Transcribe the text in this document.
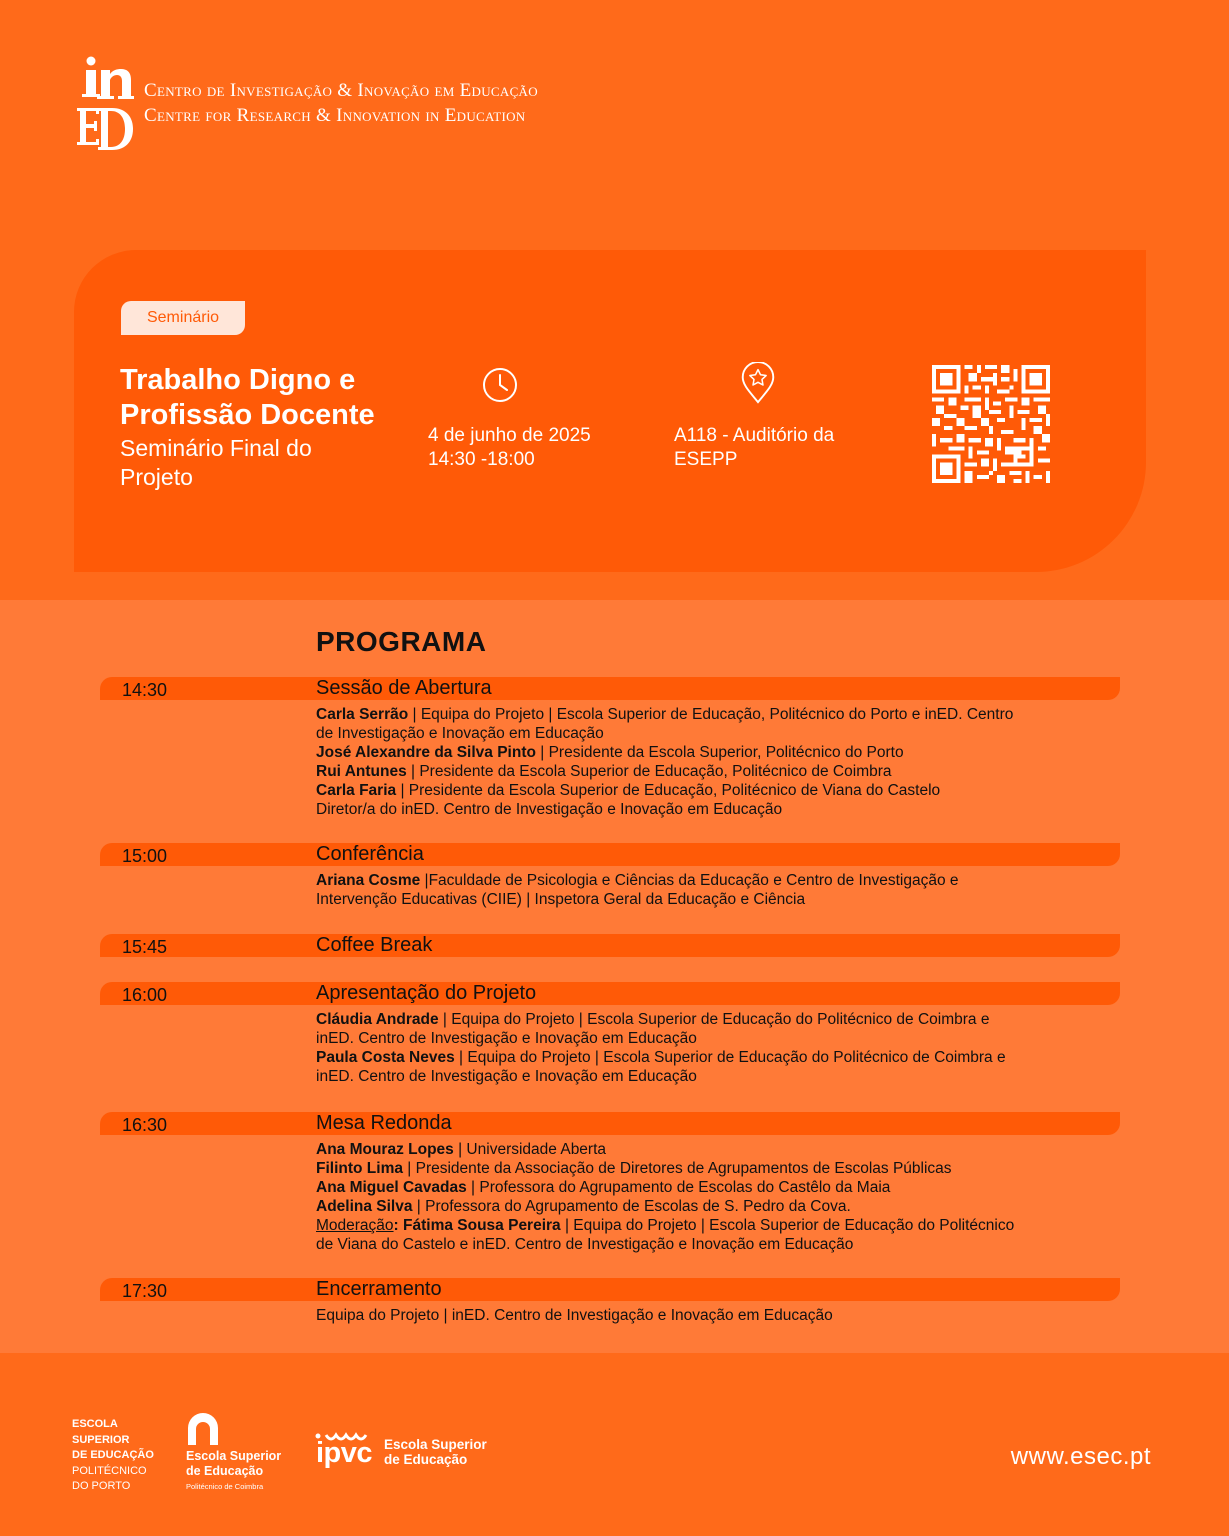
Centro de Investigação & Inovação em Educação
Centre for Research & Innovation in Education
Seminário
Trabalho Digno e Profissão Docente
Seminário Final do Projeto
4 de junho de 2025
14:30 -18:00
A118 - Auditório da
ESEPP
PROGRAMA
14:30	Sessão de Abertura
Carla Serrão | Equipa do Projeto | Escola Superior de Educação, Politécnico do Porto e inED. Centro
de Investigação e Inovação em Educação
José Alexandre da Silva Pinto | Presidente da Escola Superior, Politécnico do Porto
Rui Antunes | Presidente da Escola Superior de Educação, Politécnico de Coimbra
Carla Faria | Presidente da Escola Superior de Educação, Politécnico de Viana do Castelo
Diretor/a do inED. Centro de Investigação e Inovação em Educação
15:00	Conferência
Ariana Cosme |Faculdade de Psicologia e Ciências da Educação e Centro de Investigação e
Intervenção Educativas (CIIE) | Inspetora Geral da Educação e Ciência
15:45	Coffee Break
16:00	Apresentação do Projeto
Cláudia Andrade | Equipa do Projeto | Escola Superior de Educação do Politécnico de Coimbra e
inED. Centro de Investigação e Inovação em Educação
Paula Costa Neves | Equipa do Projeto | Escola Superior de Educação do Politécnico de Coimbra e
inED. Centro de Investigação e Inovação em Educação
16:30	Mesa Redonda
Ana Mouraz Lopes | Universidade Aberta
Filinto Lima | Presidente da Associação de Diretores de Agrupamentos de Escolas Públicas
Ana Miguel Cavadas | Professora do Agrupamento de Escolas do Castêlo da Maia
Adelina Silva | Professora do Agrupamento de Escolas de S. Pedro da Cova.
Moderação: Fátima Sousa Pereira | Equipa do Projeto | Escola Superior de Educação do Politécnico
de Viana do Castelo e inED. Centro de Investigação e Inovação em Educação
17:30	Encerramento
Equipa do Projeto | inED. Centro de Investigação e Inovação em Educação
ESCOLA
SUPERIOR
DE EDUCAÇÃO
POLITÉCNICO
DO PORTO
Escola Superior
de Educação
Politécnico de Coimbra
ipvc Escola Superior
de Educação	www.esec.pt
